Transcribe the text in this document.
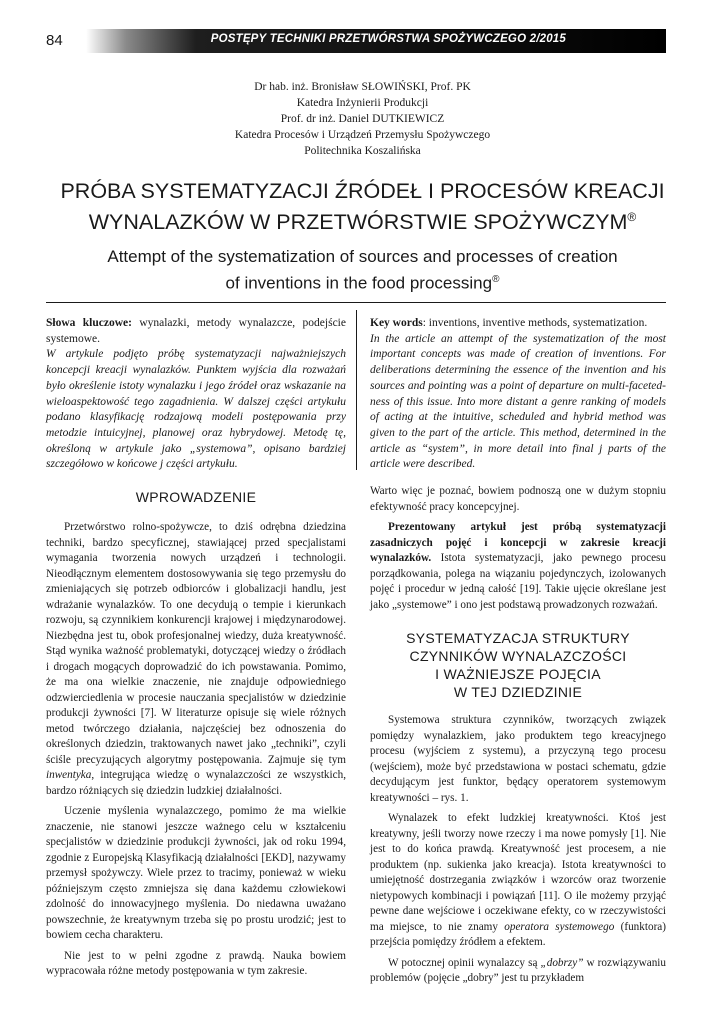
84	POSTĘPY TECHNIKI PRZETWÓRSTWA SPOŻYWCZEGO 2/2015
Dr hab. inż. Bronisław SŁOWIŃSKI, Prof. PK
Katedra Inżynierii Produkcji
Prof. dr inż. Daniel DUTKIEWICZ
Katedra Procesów i Urządzeń Przemysłu Spożywczego
Politechnika Koszalińska
PRÓBA SYSTEMATYZACJI ŹRÓDEŁ I PROCESÓW KREACJI
WYNALAZKÓW W PRZETWÓRSTWIE SPOŻYWCZYM®
Attempt of the systematization of sources and processes of creation
of inventions in the food processing®
Słowa kluczowe: wynalazki, metody wynalazcze, podejście systemowe.
W artykule podjęto próbę systematyzacji najważniejszych koncepcji kreacji wynalazków. Punktem wyjścia dla rozważań było określenie istoty wynalazku i jego źródeł oraz wskazanie na wieloaspektowość tego zagadnienia. W dalszej części artykułu podano klasyfikację rodzajową modeli postępowania przy metodzie intuicyjnej, planowej oraz hybrydowej. Metodę tę, określoną w artykule jako „systemowa”, opisano bardziej szczegółowo w końcowe j części artykułu.
Key words: inventions, inventive methods, systematization.
In the article an attempt of the systematization of the most important concepts was made of creation of inventions. For deliberations determining the essence of the invention and his sources and pointing was a point of departure on multi-faceted-ness of this issue. Into more distant a genre ranking of models of acting at the intuitive, scheduled and hybrid method was given to the part of the article. This method, determined in the article as “system”, in more detail into final j parts of the article were described.
WPROWADZENIE

Przetwórstwo rolno-spożywcze, to dziś odrębna dziedzina techniki, bardzo specyficznej, stawiającej przed specjalistami wymagania tworzenia nowych urządzeń i technologii. Nieodłącznym elementem dostosowywania się tego przemysłu do zmieniających się potrzeb odbiorców i globalizacji handlu, jest wdrażanie wynalazków. To one decydują o tempie i kierunkach rozwoju, są czynnikiem konkurencji krajowej i międzynarodowej. Niezbędna jest tu, obok profesjonalnej wiedzy, duża kreatywność. Stąd wynika ważność problematyki, dotyczącej wiedzy o źródłach i drogach mogących doprowadzić do ich powstawania. Pomimo, że ma ona wielkie znaczenie, nie znajduje odpowiedniego odzwierciedlenia w procesie nauczania specjalistów w dziedzinie produkcji żywności [7]. W literaturze opisuje się wiele różnych metod twórczego działania, najczęściej bez odnoszenia do określonych dziedzin, traktowanych nawet jako „techniki”, czyli ściśle precyzujących algorytmy postępowania. Zajmuje się tym inwentyka, integrująca wiedzę o wynalazczości ze wszystkich, bardzo różniących się dziedzin ludzkiej działalności.

Uczenie myślenia wynalazczego, pomimo że ma wielkie znaczenie, nie stanowi jeszcze ważnego celu w kształceniu specjalistów w dziedzinie produkcji żywności, jak od roku 1994, zgodnie z Europejską Klasyfikacją działalności [EKD], nazywamy przemysł spożywczy. Wiele przez to tracimy, ponieważ w wieku późniejszym często zmniejsza się dana każdemu człowiekowi zdolność do innowacyjnego myślenia. Do niedawna uważano powszechnie, że kreatywnym trzeba się po prostu urodzić; jest to bowiem cecha charakteru.

Nie jest to w pełni zgodne z prawdą. Nauka bowiem wypracowała różne metody postępowania w tym zakresie.

Warto więc je poznać, bowiem podnoszą one w dużym stopniu efektywność pracy koncepcyjnej.

Prezentowany artykuł jest próbą systematyzacji zasadniczych pojęć i koncepcji w zakresie kreacji wynalazków. Istota systematyzacji, jako pewnego procesu porządkowania, polega na wiązaniu pojedynczych, izolowanych pojęć i procedur w jedną całość [19]. Takie ujęcie określane jest jako „systemowe” i ono jest podstawą prowadzonych rozważań.

SYSTEMATYZACJA STRUKTURY
CZYNNIKÓW WYNALAZCZOŚCI
I WAŻNIEJSZE POJĘCIA
W TEJ DZIEDZINIE

Systemowa struktura czynników, tworzących związek pomiędzy wynalazkiem, jako produktem tego kreacyjnego procesu (wyjściem z systemu), a przyczyną tego procesu (wejściem), może być przedstawiona w postaci schematu, gdzie decydującym jest funktor, będący operatorem systemowym kreatywności – rys. 1.

Wynalazek to efekt ludzkiej kreatywności. Ktoś jest kreatywny, jeśli tworzy nowe rzeczy i ma nowe pomysły [1]. Nie jest to do końca prawdą. Kreatywność jest procesem, a nie produktem (np. sukienka jako kreacja). Istota kreatywności to umiejętność dostrzegania związków i wzorców oraz tworzenie nietypowych kombinacji i powiązań [11]. O ile możemy przyjąć pewne dane wejściowe i oczekiwane efekty, co w rzeczywistości ma miejsce, to nie znamy operatora systemowego (funktora) przejścia pomiędzy źródłem a efektem.

W potocznej opinii wynalazcy są „dobrzy” w rozwiązywaniu problemów (pojęcie „dobry” jest tu przykładem
